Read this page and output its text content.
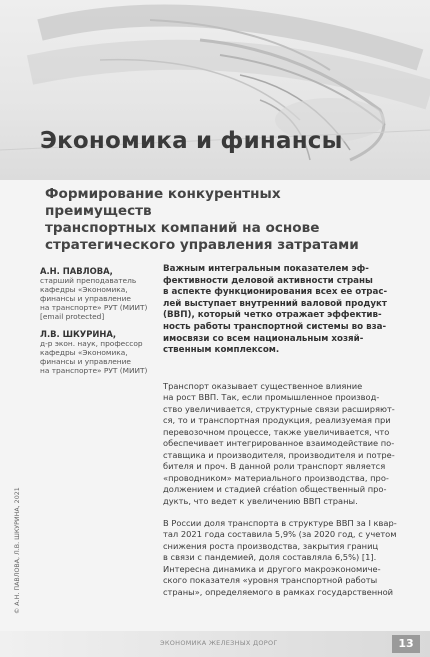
Экономика и финансы
Формирование конкурентных преимуществ
транспортных компаний на основе
стратегического управления затратами
А.Н. ПАВЛОВА,
старший преподаватель
кафедры «Экономика,
финансы и управление
на транспорте» РУТ (МИИТ)
[email protected]
Л.В. ШКУРИНА,
д-р экон. наук, профессор
кафедры «Экономика,
финансы и управление
на транспорте» РУТ (МИИТ)
Важным интегральным показателем эф-
фективности деловой активности страны
в аспекте функционирования всех ее отрас-
лей выступает внутренний валовой продукт
(ВВП), который четко отражает эффектив-
ность работы транспортной системы во вза-
имосвязи со всем национальным хозяй-
ственным комплексом.
Транспорт оказывает существенное влияние
на рост ВВП. Так, если промышленное производ-
ство увеличивается, структурные связи расширяют-
ся, то и транспортная продукция, реализуемая при
перевозочном процессе, также увеличивается, что
обеспечивает интегрированное взаимодействие по-
ставщика и производителя, производителя и потре-
бителя и проч. В данной роли транспорт является
«проводником» материального производства, про-
должением и стадией création общественный про-
дукть, что ведет к увеличению ВВП страны.
В России доля транспорта в структуре ВВП за I квар-
тал 2021 года составила 5,9% (за 2020 год, с учетом
снижения роста производства, закрытия границ
в связи с пандемией, доля составляла 6,5%) [1].
Интересна динамика и другого макроэкономиче-
ского показателя «уровня транспортной работы
страны», определяемого в рамках государственной
© А.Н. ПАВЛОВА, Л.В. ШКУРИНА, 2021
ЭКОНОМИКА ЖЕЛЕЗНЫХ ДОРОГ	13
